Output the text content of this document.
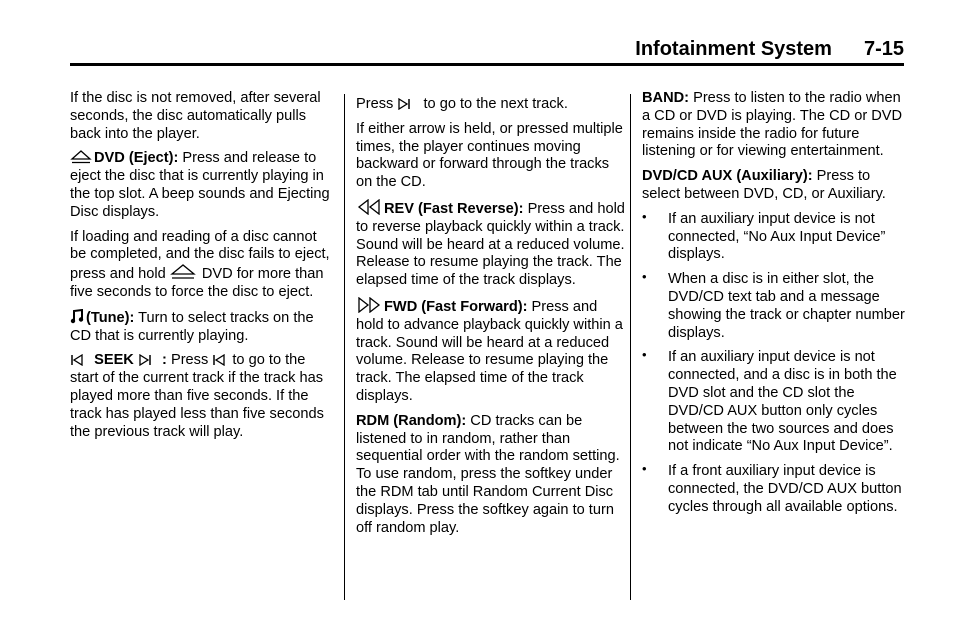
Infotainment System 7-15

If the disc is not removed, after several seconds, the disc automatically pulls back into the player.

DVD (Eject): Press and release to eject the disc that is currently playing in the top slot. A beep sounds and Ejecting Disc displays.

If loading and reading of a disc cannot be completed, and the disc fails to eject, press and hold  DVD for more than five seconds to force the disc to eject.

(Tune): Turn to select tracks on the CD that is currently playing.

SEEK : Press  to go to the start of the current track if the track has played more than five seconds. If the track has played less than five seconds the previous track will play.

Press   to go to the next track.

If either arrow is held, or pressed multiple times, the player continues moving backward or forward through the tracks on the CD.

REV (Fast Reverse): Press and hold to reverse playback quickly within a track. Sound will be heard at a reduced volume. Release to resume playing the track. The elapsed time of the track displays.

FWD (Fast Forward): Press and hold to advance playback quickly within a track. Sound will be heard at a reduced volume. Release to resume playing the track. The elapsed time of the track displays.

RDM (Random): CD tracks can be listened to in random, rather than sequential order with the random setting. To use random, press the softkey under the RDM tab until Random Current Disc displays. Press the softkey again to turn off random play.

BAND: Press to listen to the radio when a CD or DVD is playing. The CD or DVD remains inside the radio for future listening or for viewing entertainment.

DVD/CD AUX (Auxiliary): Press to select between DVD, CD, or Auxiliary.

• If an auxiliary input device is not connected, “No Aux Input Device” displays.
• When a disc is in either slot, the DVD/CD text tab and a message showing the track or chapter number displays.
• If an auxiliary input device is not connected, and a disc is in both the DVD slot and the CD slot the DVD/CD AUX button only cycles between the two sources and does not indicate “No Aux Input Device”.
• If a front auxiliary input device is connected, the DVD/CD AUX button cycles through all available options.
